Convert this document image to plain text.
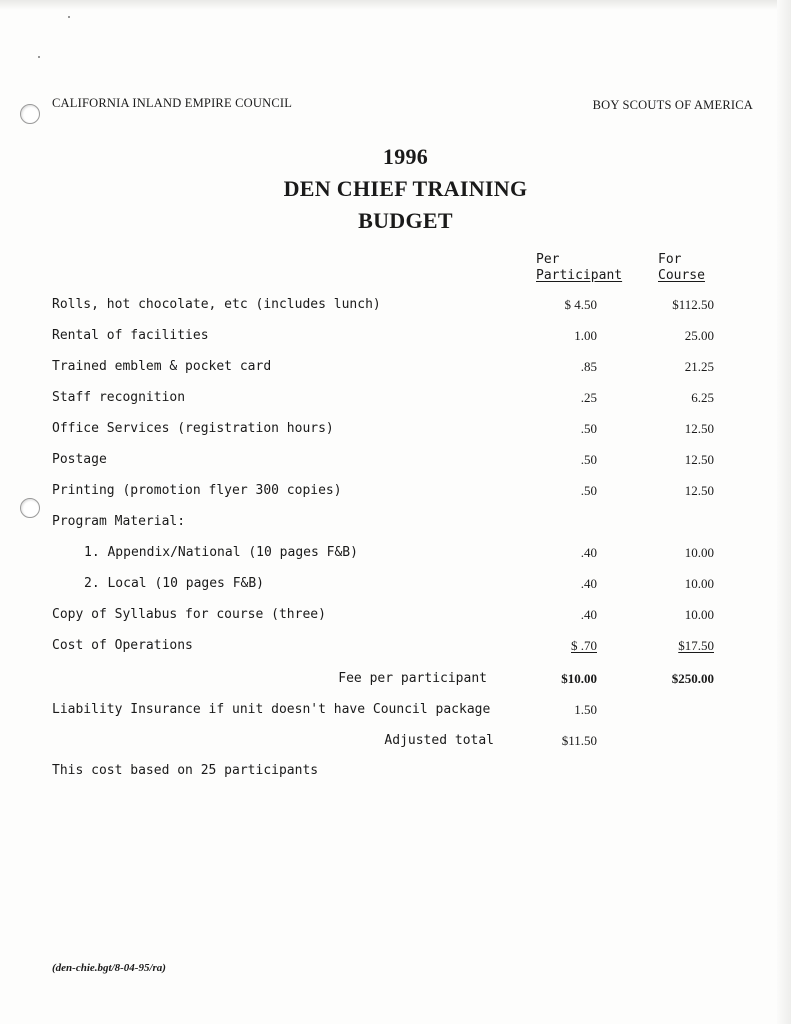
CALIFORNIA INLAND EMPIRE COUNCIL	BOY SCOUTS OF AMERICA
1996
DEN CHIEF TRAINING
BUDGET
Per
Participant
For
Course
Rolls, hot chocolate, etc (includes lunch)	$ 4.50	$112.50
Rental of facilities	1.00	25.00
Trained emblem & pocket card	.85	21.25
Staff recognition	.25	6.25
Office Services (registration hours)	.50	12.50
Postage	.50	12.50
Printing (promotion flyer 300 copies)	.50	12.50
Program Material:
1. Appendix/National (10 pages F&B)	.40	10.00
2. Local (10 pages F&B)	.40	10.00
Copy of Syllabus for course (three)	.40	10.00
Cost of Operations	$ .70	$17.50
Fee per participant	$10.00	$250.00
Liability Insurance if unit doesn't have Council package	1.50
Adjusted total	$11.50
This cost based on 25 participants
(den-chie.bgt/8-04-95/ra)
